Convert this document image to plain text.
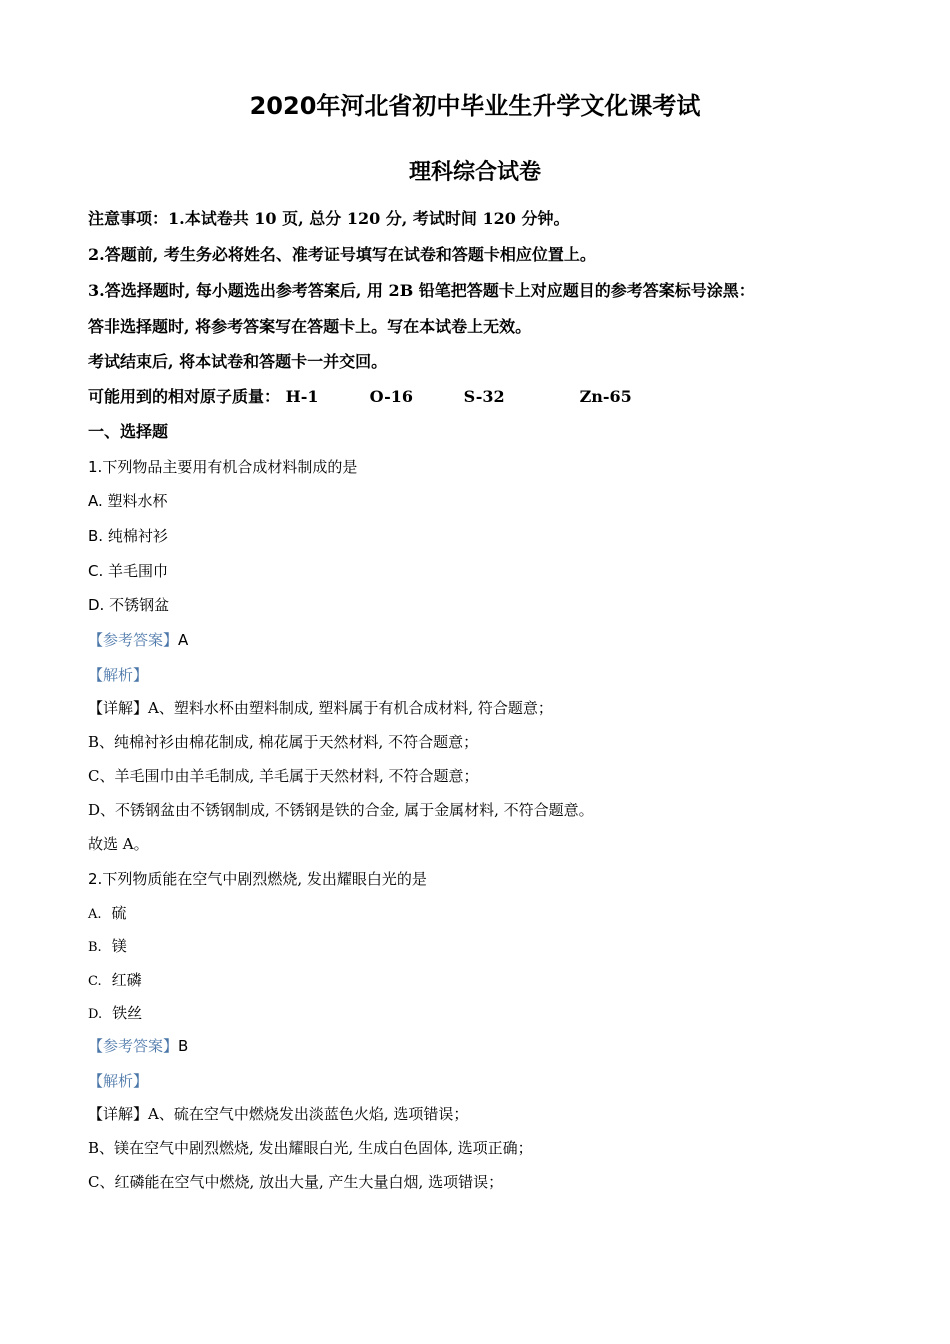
2020年河北省初中毕业生升学文化课考试
理科综合试卷
注意事项：1.本试卷共 10 页, 总分 120 分, 考试时间 120 分钟。
2.答题前, 考生务必将姓名、准考证号填写在试卷和答题卡相应位置上。
3.答选择题时, 每小题选出参考答案后, 用 2B 铅笔把答题卡上对应题目的参考答案标号涂黑：
答非选择题时, 将参考答案写在答题卡上。写在本试卷上无效。
考试结束后, 将本试卷和答题卡一并交回。
可能用到的相对原子质量： H-1	O-16	S-32	Zn-65
一、选择题
1.下列物品主要用有机合成材料制成的是
A. 塑料水杯
B. 纯棉衬衫
C. 羊毛围巾
D. 不锈钢盆
【参考答案】A
【解析】
【详解】A、塑料水杯由塑料制成, 塑料属于有机合成材料, 符合题意；
B、纯棉衬衫由棉花制成, 棉花属于天然材料, 不符合题意；
C、羊毛围巾由羊毛制成, 羊毛属于天然材料, 不符合题意；
D、不锈钢盆由不锈钢制成, 不锈钢是铁的合金, 属于金属材料, 不符合题意。
故选 A。
2.下列物质能在空气中剧烈燃烧, 发出耀眼白光的是
A. 硫
B. 镁
C. 红磷
D. 铁丝
【参考答案】B
【解析】
【详解】A、硫在空气中燃烧发出淡蓝色火焰, 选项错误；
B、镁在空气中剧烈燃烧, 发出耀眼白光, 生成白色固体, 选项正确；
C、红磷能在空气中燃烧, 放出大量, 产生大量白烟, 选项错误；
